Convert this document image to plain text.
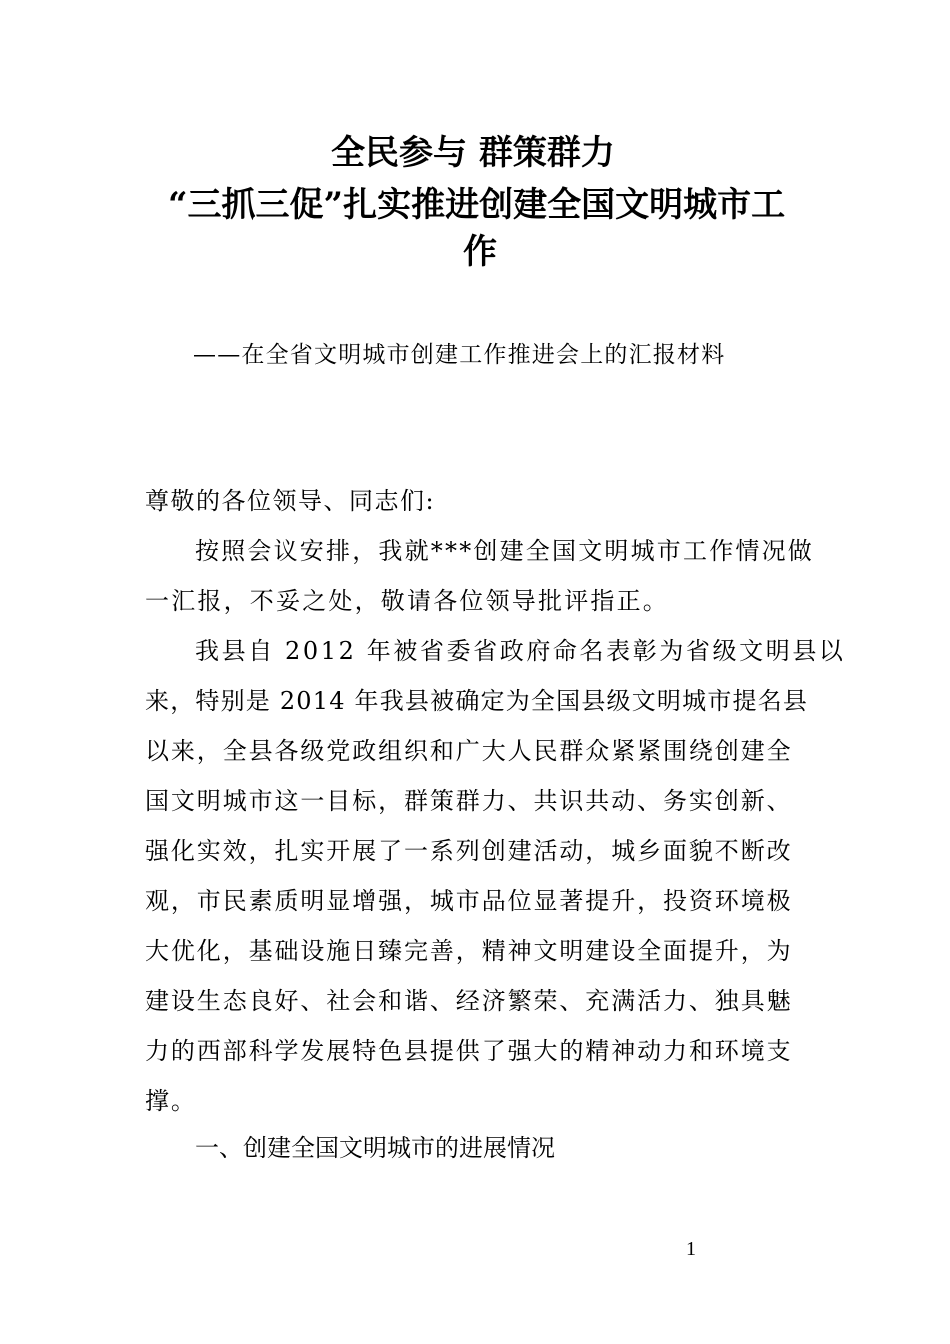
全民参与 群策群力
“三抓三促”扎实推进创建全国文明城市工
作
——在全省文明城市创建工作推进会上的汇报材料
尊敬的各位领导、同志们:
按照会议安排，我就***创建全国文明城市工作情况做
一汇报，不妥之处，敬请各位领导批评指正。
我县自 2012 年被省委省政府命名表彰为省级文明县以
来，特别是 2014 年我县被确定为全国县级文明城市提名县
以来，全县各级党政组织和广大人民群众紧紧围绕创建全
国文明城市这一目标，群策群力、共识共动、务实创新、
强化实效，扎实开展了一系列创建活动，城乡面貌不断改
观，市民素质明显增强，城市品位显著提升，投资环境极
大优化，基础设施日臻完善，精神文明建设全面提升，为
建设生态良好、社会和谐、经济繁荣、充满活力、独具魅
力的西部科学发展特色县提供了强大的精神动力和环境支
撑。
一、创建全国文明城市的进展情况
1
